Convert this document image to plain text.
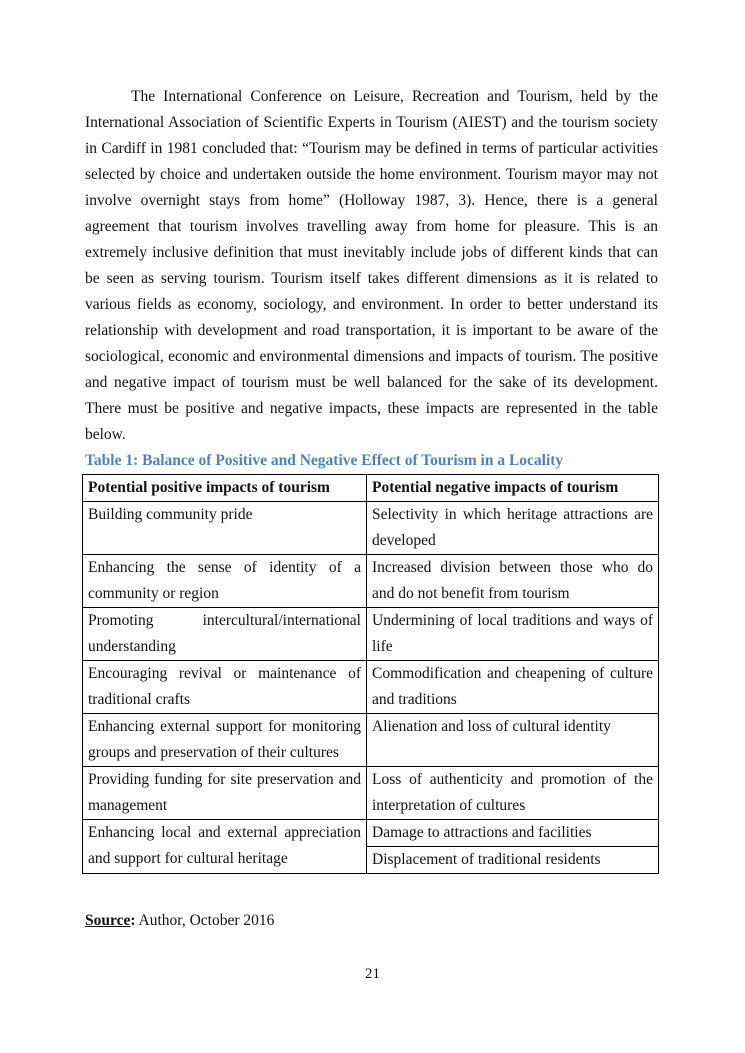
The International Conference on Leisure, Recreation and Tourism, held by the International Association of Scientific Experts in Tourism (AIEST) and the tourism society in Cardiff in 1981 concluded that: “Tourism may be defined in terms of particular activities selected by choice and undertaken outside the home environment. Tourism mayor may not involve overnight stays from home” (Holloway 1987, 3). Hence, there is a general agreement that tourism involves travelling away from home for pleasure. This is an extremely inclusive definition that must inevitably include jobs of different kinds that can be seen as serving tourism. Tourism itself takes different dimensions as it is related to various fields as economy, sociology, and environment. In order to better understand its relationship with development and road transportation, it is important to be aware of the sociological, economic and environmental dimensions and impacts of tourism. The positive and negative impact of tourism must be well balanced for the sake of its development. There must be positive and negative impacts, these impacts are represented in the table below.

Table 1: Balance of Positive and Negative Effect of Tourism in a Locality

Potential positive impacts of tourism	Potential negative impacts of tourism
Building community pride	Selectivity in which heritage attractions are developed
Enhancing the sense of identity of a community or region	Increased division between those who do and do not benefit from tourism
Promoting intercultural/international understanding	Undermining of local traditions and ways of life
Encouraging revival or maintenance of traditional crafts	Commodification and cheapening of culture and traditions
Enhancing external support for monitoring groups and preservation of their cultures	Alienation and loss of cultural identity
Providing funding for site preservation and management	Loss of authenticity and promotion of the interpretation of cultures
Enhancing local and external appreciation and support for cultural heritage	Damage to attractions and facilities
	Displacement of traditional residents

Source: Author, October 2016

21
